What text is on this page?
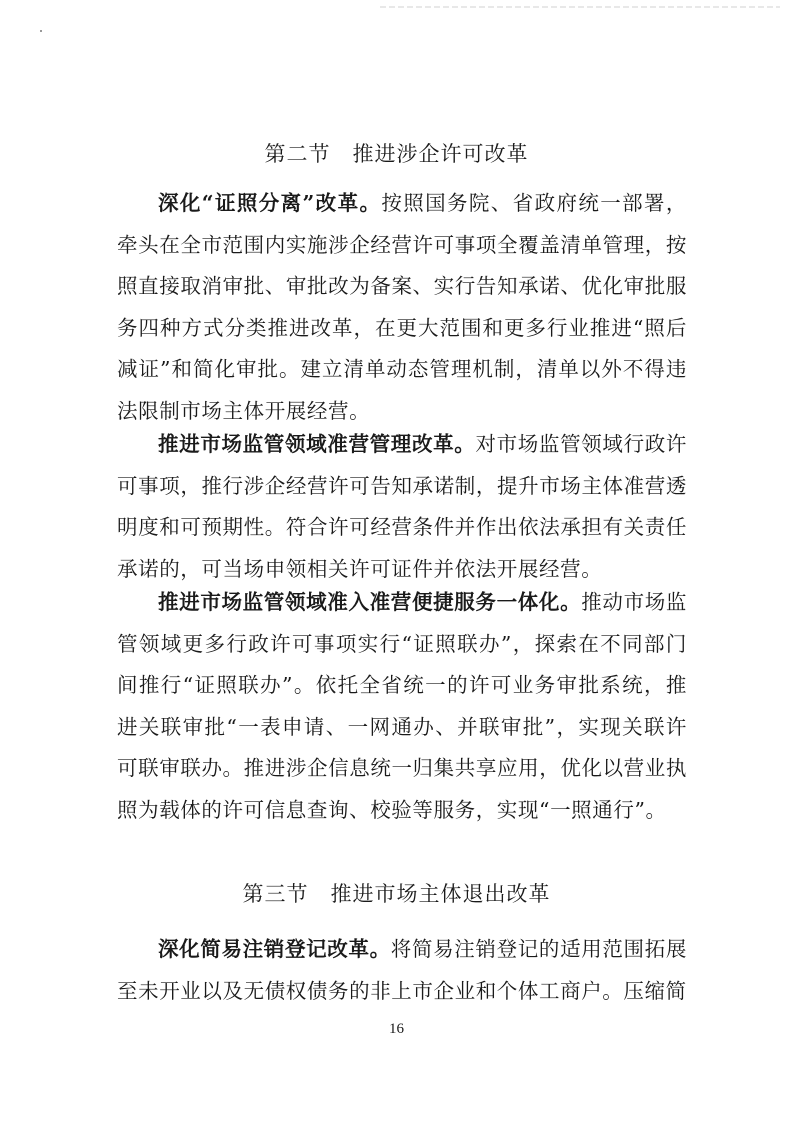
第二节　推进涉企许可改革

深化“证照分离”改革。按照国务院、省政府统一部署，牵头在全市范围内实施涉企经营许可事项全覆盖清单管理，按照直接取消审批、审批改为备案、实行告知承诺、优化审批服务四种方式分类推进改革，在更大范围和更多行业推进“照后减证”和简化审批。建立清单动态管理机制，清单以外不得违法限制市场主体开展经营。

推进市场监管领域准营管理改革。对市场监管领域行政许可事项，推行涉企经营许可告知承诺制，提升市场主体准营透明度和可预期性。符合许可经营条件并作出依法承担有关责任承诺的，可当场申领相关许可证件并依法开展经营。

推进市场监管领域准入准营便捷服务一体化。推动市场监管领域更多行政许可事项实行“证照联办”，探索在不同部门间推行“证照联办”。依托全省统一的许可业务审批系统，推进关联审批“一表申请、一网通办、并联审批”，实现关联许可联审联办。推进涉企信息统一归集共享应用，优化以营业执照为载体的许可信息查询、校验等服务，实现“一照通行”。

第三节　推进市场主体退出改革

深化简易注销登记改革。将简易注销登记的适用范围拓展至未开业以及无债权债务的非上市企业和个体工商户。压缩简

16
